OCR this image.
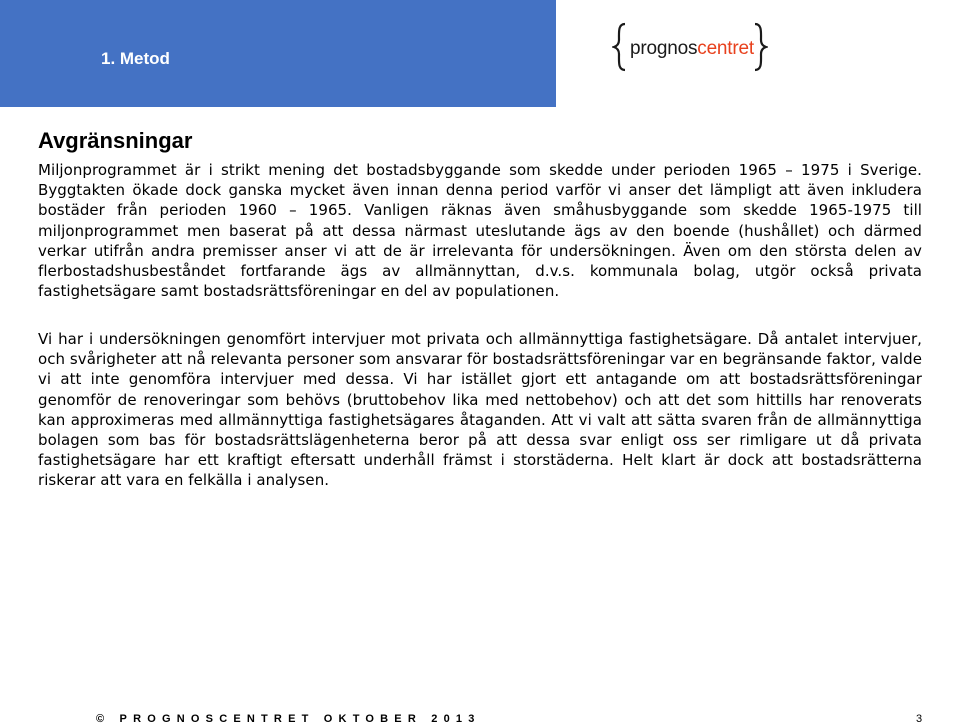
1. Metod	prognoscentret
Avgränsningar

Miljonprogrammet är i strikt mening det bostadsbyggande som skedde under perioden 1965 – 1975 i Sverige. Byggtakten ökade dock ganska mycket även innan denna period varför vi anser det lämpligt att även inkludera bostäder från perioden 1960 – 1965. Vanligen räknas även småhusbyggande som skedde 1965-1975 till miljonprogrammet men baserat på att dessa närmast uteslutande ägs av den boende (hushållet) och därmed verkar utifrån andra premisser anser vi att de är irrelevanta för undersökningen. Även om den största delen av flerbostadshusbeståndet fortfarande ägs av allmännyttan, d.v.s. kommunala bolag, utgör också privata fastighetsägare samt bostadsrättsföreningar en del av populationen.

Vi har i undersökningen genomfört intervjuer mot privata och allmännyttiga fastighetsägare. Då antalet intervjuer, och svårigheter att nå relevanta personer som ansvarar för bostadsrättsföreningar var en begränsande faktor, valde vi att inte genomföra intervjuer med dessa. Vi har istället gjort ett antagande om att bostadsrättsföreningar genomför de renoveringar som behövs (bruttobehov lika med nettobehov) och att det som hittills har renoverats kan approximeras med allmännyttiga fastighetsägares åtaganden. Att vi valt att sätta svaren från de allmännyttiga bolagen som bas för bostadsrättslägenheterna beror på att dessa svar enligt oss ser rimligare ut då privata fastighetsägare har ett kraftigt eftersatt underhåll främst i storstäderna. Helt klart är dock att bostadsrätterna riskerar att vara en felkälla i analysen.

© PROGNOSCENTRET OKTOBER 2013	3
